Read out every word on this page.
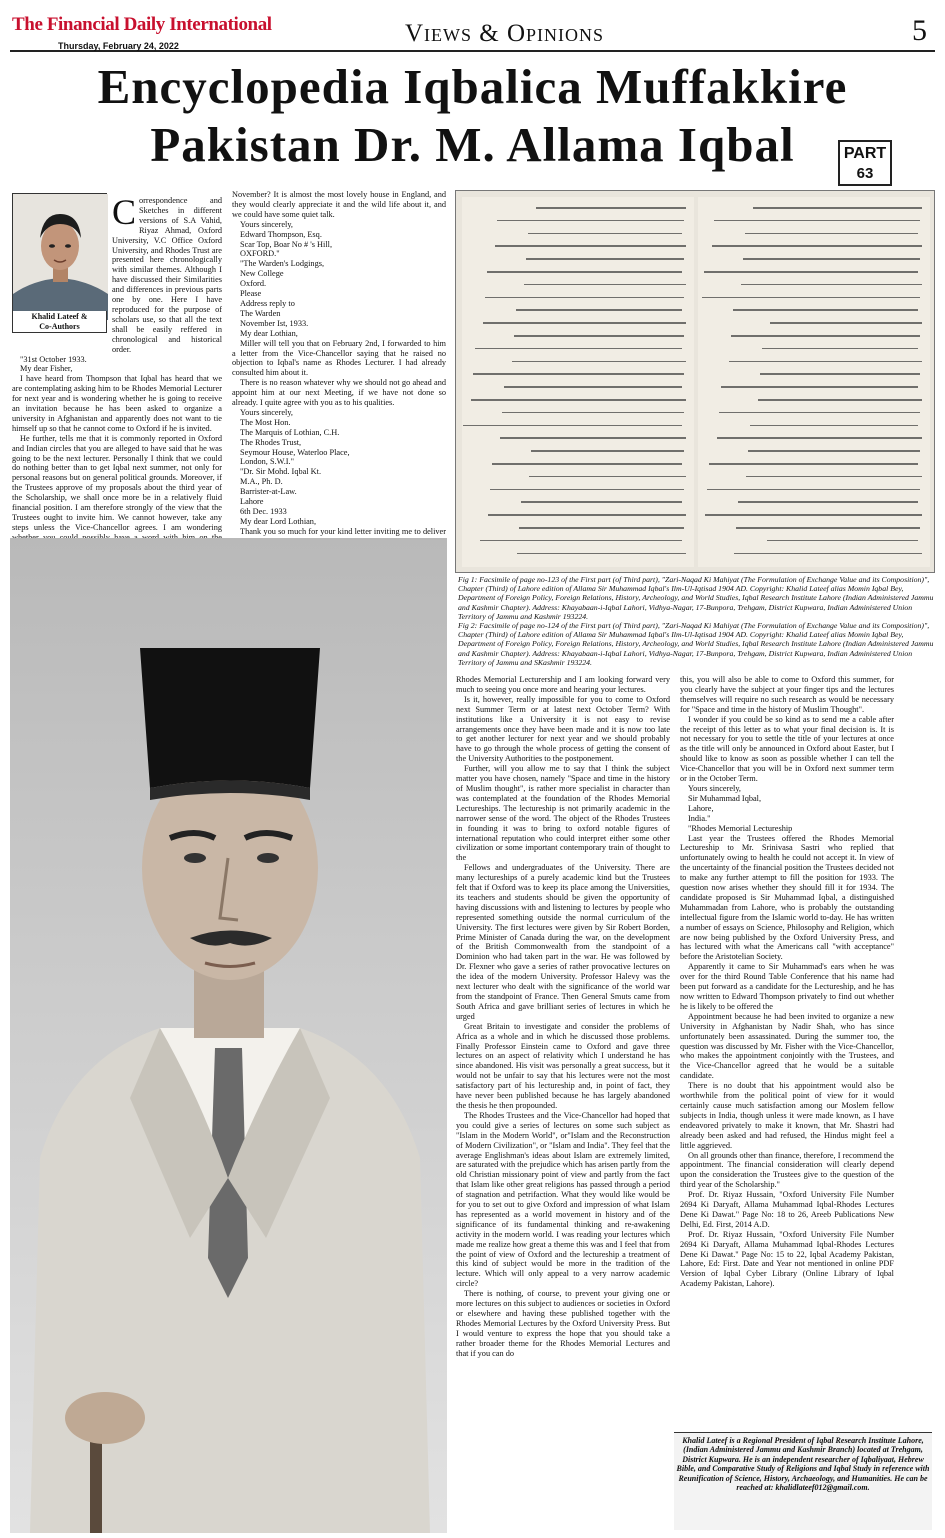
The Financial Daily International
Thursday, February 24, 2022	Views & Opinions	5
Encyclopedia Iqbalica Muffakkire
Pakistan Dr. M. Allama Iqbal	PART
63
Khalid Lateef &
Co-Authors

Correspondence and Sketches in different versions of S.A Vahid, Riyaz Ahmad, Oxford University, V.C Office Oxford University, and Rhodes Trust are presented here chronologically with similar themes. Although I have discussed their Similarities and differences in previous parts one by one. Here I have reproduced for the purpose of scholars use, so that all the text shall be easily reffered in chronological and historical order.

"31st October 1933.

My dear Fisher,

I have heard from Thompson that Iqbal has heard that we are contemplating asking him to be Rhodes Memorial Lecturer for next year and is wondering whether he is going to receive an invitation because he has been asked to organize a university in Afghanistan and apparently does not want to tie himself up so that he cannot come to Oxford if he is invited.

He further, tells me that it is commonly reported in Oxford and Indian circles that you are alleged to have said that he was going to be the next lecturer. Personally I think that we could do nothing better than to get Iqbal next summer, not only for personal reasons but on general political grounds. Moreover, if the Trustees approve of my proposals about the third year of the Scholarship, we shall once more be in a relatively fluid financial position. I am therefore strongly of the view that the Trustees ought to invite him. We cannot however, take any steps unless the Vice-Chancellor agrees. I am wondering

November? It is almost the most lovely house in England, and they would clearly appreciate it and the wild life about it, and we could have some quiet talk.

Yours sincerely,

Edward Thompson, Esq.

Scar Top, Boar No # 's Hill,

OXFORD."

"The Warden's Lodgings,

New College

Oxford.

Please

Address reply to

The Warden

November Ist, 1933.

My dear Lothian,

Miller will tell you that on February 2nd, I forwarded to him a letter from the Vice-Chancellor saying that he raised no objection to Iqbal's name as Rhodes Lecturer. I had already consulted him about it.

There is no reason whatever why we should not go ahead and appoint him at our next Meeting, if we have not done so already. I quite agree with you as to his qualities.

Yours sincerely,

The Most Hon.

The Marquis of Lothian, C.H.

The Rhodes Trust,

Seymour House, Waterloo Place,

London, S.W.I."

"Dr. Sir Mohd. Iqbal Kt.

M.A., Ph. D.

Barrister-at-Law.

Lahore

6th Dec. 1933

My dear Lord Lothian,

Thank you so much for your kind letter inviting me to deliver

Fig 1: Facsimile of page no-123 of the First part (of Third part), "Zari-Naqad Ki Mahiyat (The Formulation of Exchange Value and its Composition)", Chapter (Third) of Lahore edition of Allama Sir Muhammad Iqbal's Ilm-Ul-Iqtisad 1904 AD. Copyright: Khalid Lateef alias Momin Iqbal Bey, Department of Foreign Policy, Foreign Relations, History, Archeology, and World Studies, Iqbal Research Institute Lahore (Indian Administered Jammu and Kashmir Chapter). Address: Khayabaan-i-Iqbal Lahori, Vidhya-Nagar, 17-Bunpora, Trehgam, District Kupwara, Indian Administered Union Territory of Jammu and Kashmir 193224.

Fig 2: Facsimile of page no-124 of the First part (of Third part), "Zari-Naqad Ki Mahiyat (The Formulation of Exchange Value and its Composition)", Chapter (Third) of Lahore edition of Allama Sir Muhammad Iqbal's Ilm-Ul-Iqtisad 1904 AD. Copyright: Khalid Lateef alias Momin Iqbal Bey, Department of Foreign Policy, Foreign Relations, History, Archeology, and World Studies, Iqbal Research Institute Lahore (Indian Administered Jammu and Kashmir Chapter). Address: Khayabaan-i-Iqbal Lahori, Vidhya-Nagar, 17-Bunpora, Trehgam, District Kupwara, Indian Administered Union Territory of Jammu and SKashmir 193224.

Rhodes Memorial Lecturership and I am looking forward very much to seeing you once more and hearing your lectures.

Is it, however, really impossible for you to come to Oxford next Summer Term or at latest next October Term? With institutions like a University it is not easy to revise arrangements once they have been made and it is now too late to get another lecturer for next year and we should probably have to go through the whole process of getting the consent of the University Authorities to the postponement.

Further, will you allow me to say that I think the subject matter you have chosen, namely "Space and time in the history of Muslim thought", is rather more specialist in character than was contemplated at the foundation of the Rhodes Memorial Lectureships. The lectureship is not primarily academic in the narrower sense of the word. The object of the Rhodes Trustees in founding it was to bring to oxford notable figures of international reputation who could interpret either some other civilization or some important contemporary train of thought to the

Fellows and undergraduates of the University. There are many lectureships of a purely academic kind but the Trustees felt that if Oxford was to keep its place among the Universities, its teachers and students should be given the opportunity of having discussions with and listening to lectures by people who represented something outside the normal curriculum of the University. The first lectures were given by Sir Robert Borden, Prime Minister of Canada during the war, on the development of the British Commonwealth from the standpoint of a Dominion who had taken part in the war. He was followed by Dr. Flexner who gave a series of rather provocative lectures on the idea of the modern University. Professor Halevy was the next lecturer who dealt with the significance of the world war from the standpoint of France. Then General Smuts came from South Africa and gave brilliant series of lectures in which he urged

Great Britain to investigate and consider the problems of Africa as a whole and in which he discussed those problems. Finally Professor Einstein came to Oxford and gave three lectures on an aspect of relativity which I understand he has since abandoned. His visit was personally a great success, but it would not be unfair to say that his lectures were not the most satisfactory part of his lectureship and, in point of fact, they have never been published because he has largely abandoned the thesis he then propounded.

The Rhodes Trustees and the Vice-Chancellor had hoped that you could give a series of lectures on some such subject as "Islam in the Modern World", or"Islam and the Reconstruction of Modern Civilization", or "Islam and India". They feel that the average Englishman's ideas about Islam are extremely limited, are saturated with the prejudice which has arisen partly from the old Christian missionary point of view and partly from the fact that Islam like other great religions has passed through a period of stagnation and petrifaction. What they would like would be for you to set out to give Oxford and impression of what Islam has represented as a world movement in history and of the significance of its fundamental thinking and re-awakening activity in the modern world. I was reading your lectures which made me realize how great a theme this was and I feel that from the point of view of Oxford and the lectureship a treatment of this kind of subject would be more in the tradition of the lecture. Which will only appeal to a very narrow academic circle?

There is nothing, of course, to prevent your giving one or more lectures on this subject to audiences or societies in Oxford or elsewhere and having these published together with the Rhodes Memorial Lectures by the Oxford University Press. But I would venture to express the hope that you should take a rather broader theme for the Rhodes Memorial Lectures and that if you can do

this, you will also be able to come to Oxford this summer, for you clearly have the subject at your finger tips and the lectures themselves will require no such research as would be necessary for "Space and time in the history of Muslim Thought".

I wonder if you could be so kind as to send me a cable after the receipt of this letter as to what your final decision is. It is not necessary for you to settle the title of your lectures at once as the title will only be announced in Oxford about Easter, but I should like to know as soon as possible whether I can tell the Vice-Chancellor that you will be in Oxford next summer term or in the October Term.

Yours sincerely,

Sir Muhammad Iqbal,

Lahore,

India."

"Rhodes Memorial Lectureship

Last year the Trustees offered the Rhodes Memorial Lectureship to Mr. Srinivasa Sastri who replied that unfortunately owing to health he could not accept it. In view of the uncertainty of the financial position the Trustees decided not to make any further attempt to fill the position for 1933. The question now arises whether they should fill it for 1934. The candidate proposed is Sir Muhammad Iqbal, a distinguished Muhammadan from Lahore, who is probably the outstanding intellectual figure from the Islamic world to-day. He has written a number of essays on Science, Philosophy and Religion, which are now being published by the Oxford University Press, and has lectured with what the Americans call "with acceptance" before the Aristotelian Society.

Apparently it came to Sir Muhammad's ears when he was over for the third Round Table Conference that his name had been put forward as a candidate for the Lectureship, and he has now written to Edward Thompson privately to find out whether he is likely to be offered the

Appointment because he had been invited to organize a new University in Afghanistan by Nadir Shah, who has since unfortunately been assassinated. During the summer too, the question was discussed by Mr. Fisher with the Vice-Chancellor, who makes the appointment conjointly with the Trustees, and the Vice-Chancellor agreed that he would be a suitable candidate.

There is no doubt that his appointment would also be worthwhile from the political point of view for it would certainly cause much satisfaction among our Moslem fellow subjects in India, though unless it were made known, as I have endeavored privately to make it known, that Mr. Shastri had already been asked and had refused, the Hindus might feel a little aggrieved.

On all grounds other than finance, therefore, I recommend the appointment. The financial consideration will clearly depend upon the consideration the Trustees give to the question of the third year of the Scholarship."

Prof. Dr. Riyaz Hussain, "Oxford University File Number 2694 Ki Daryaft, Allama Muhammad Iqbal-Rhodes Lectures Dene Ki Dawat." Page No: 18 to 26, Areeb Publications New Delhi, Ed. First, 2014 A.D.

Prof. Dr. Riyaz Hussain, "Oxford University File Number 2694 Ki Daryaft, Allama Muhammad Iqbal-Rhodes Lectures Dene Ki Dawat." Page No: 15 to 22, Iqbal Academy Pakistan, Lahore, Ed: First. Date and Year not mentioned in online PDF Version of Iqbal Cyber Library (Online Library of Iqbal Academy Pakistan, Lahore).

Khalid Lateef is a Regional President of Iqbal Research Institute Lahore, (Indian Administered Jammu and Kashmir Branch) located at Trehgam, District Kupwara. He is an independent researcher of Iqbaliyaat, Hebrew Bible, and Comparative Study of Religions and Iqbal Study in reference with Reunification of Science, History, Archaeology, and Humanities. He can be reached at: khalidlateef012@gmail.com.
